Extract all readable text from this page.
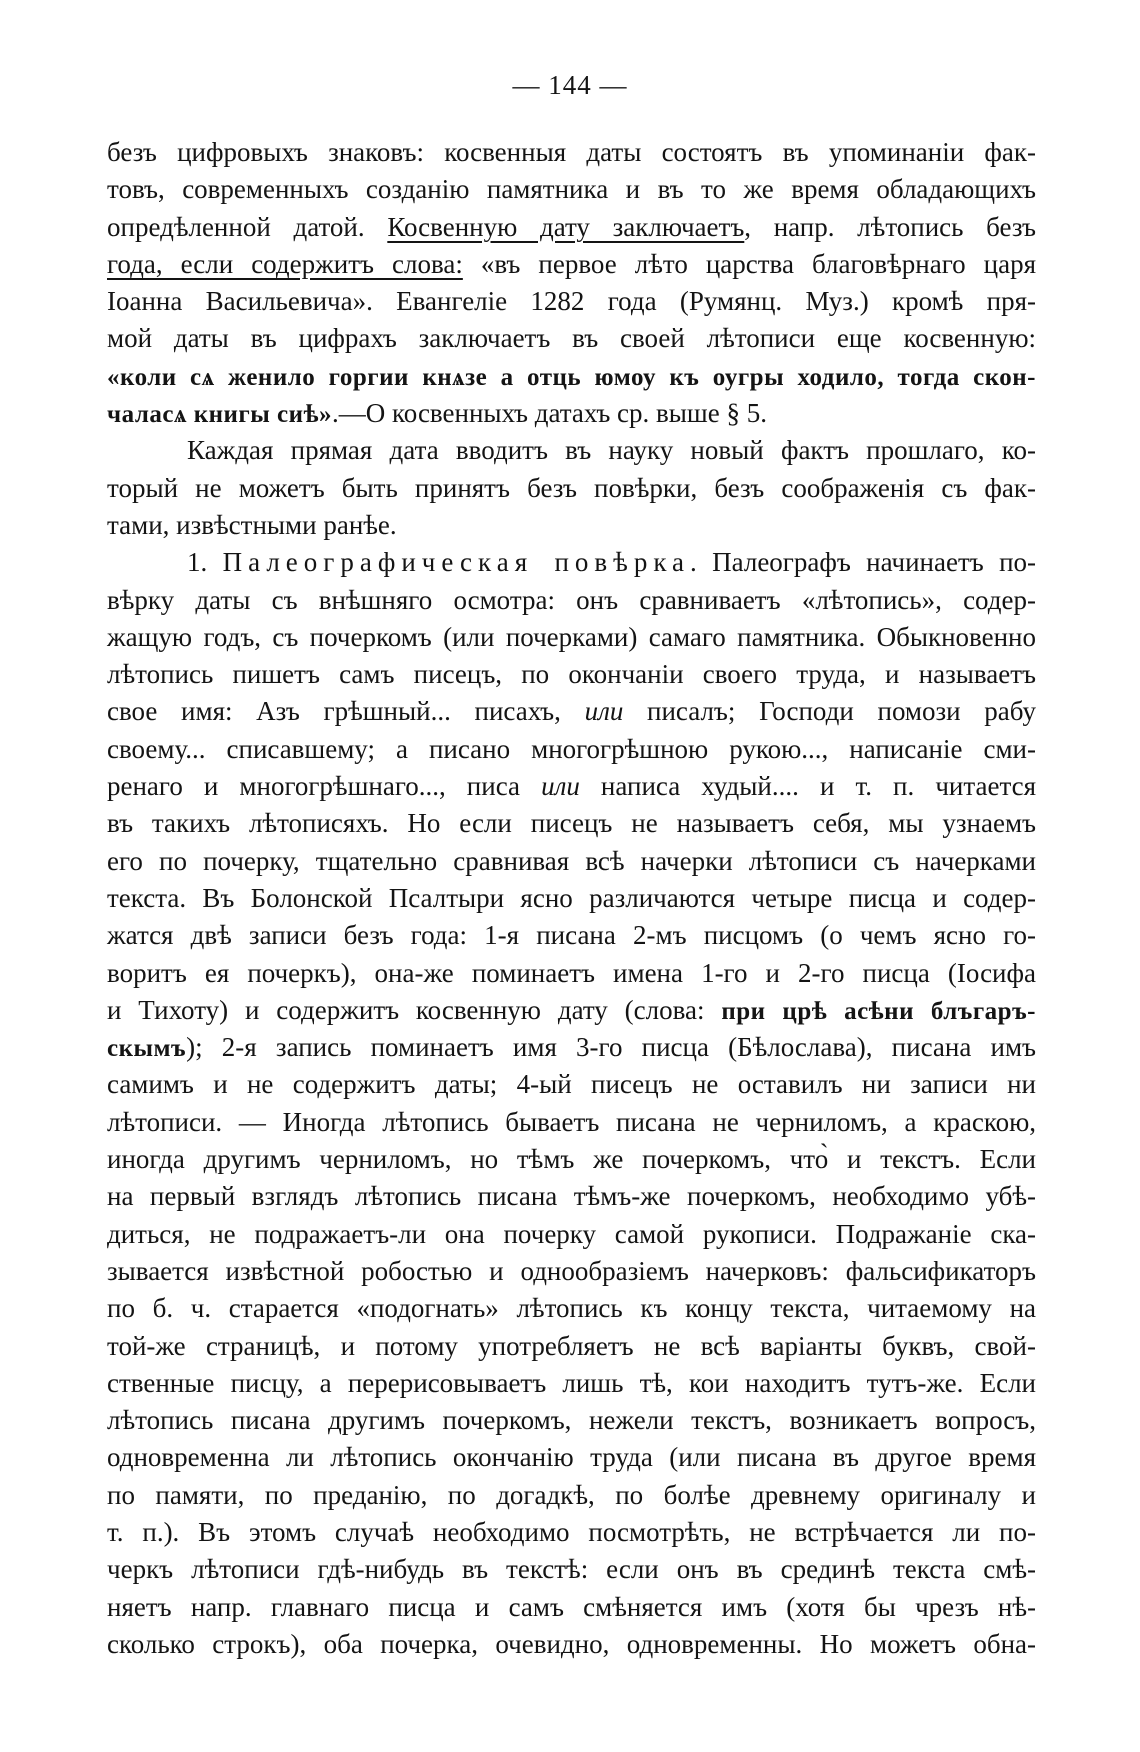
— 144 —
безъ цифровыхъ знаковъ: косвенныя даты состоятъ въ упоминаніи фак-
товъ, современныхъ созданію памятника и въ то же время обладающихъ
опредѣленной датой. Косвенную дату заключаетъ, напр. лѣтопись безъ
года, если содержитъ слова: «въ первое лѣто царства благовѣрнаго царя
Іоанна Васильевича». Евангеліе 1282 года (Румянц. Муз.) кромѣ пря-
мой даты въ цифрахъ заключаетъ въ своей лѣтописи еще косвенную:
«коли сѧ женило горгии кнѧзе а отць юмоу къ оугры ходило, тогда скон-
чаласѧ книгы сиѣ».—О косвенныхъ датахъ ср. выше § 5.
Каждая прямая дата вводитъ въ науку новый фактъ прошлаго, ко-
торый не можетъ быть принятъ безъ повѣрки, безъ соображенія съ фак-
тами, извѣстными ранѣе.
1. Палеографическая повѣрка. Палеографъ начинаетъ по-
вѣрку даты съ внѣшняго осмотра: онъ сравниваетъ «лѣтопись», содер-
жащую годъ, съ почеркомъ (или почерками) самаго памятника. Обыкновенно
лѣтопись пишетъ самъ писецъ, по окончаніи своего труда, и называетъ
свое имя: Азъ грѣшный... писахъ, или писалъ; Господи помози рабу
своему... списавшему; а писано многогрѣшною рукою..., написаніе сми-
ренаго и многогрѣшнаго..., писа или написа худый.... и т. п. читается
въ такихъ лѣтописяхъ. Но если писецъ не называетъ себя, мы узнаемъ
его по почерку, тщательно сравнивая всѣ начерки лѣтописи съ начерками
текста. Въ Болонской Псалтыри ясно различаются четыре писца и содер-
жатся двѣ записи безъ года: 1-я писана 2-мъ писцомъ (о чемъ ясно го-
воритъ ея почеркъ), она-же поминаетъ имена 1-го и 2-го писца (Іосифа
и Тихоту) и содержитъ косвенную дату (слова: при црѣ асѣни блъгаръ-
скымъ); 2-я запись поминаетъ имя 3-го писца (Бѣлослава), писана имъ
самимъ и не содержитъ даты; 4-ый писецъ не оставилъ ни записи ни
лѣтописи. — Иногда лѣтопись бываетъ писана не черниломъ, а краскою,
иногда другимъ черниломъ, но тѣмъ же почеркомъ, что̀ и текстъ. Если
на первый взглядъ лѣтопись писана тѣмъ-же почеркомъ, необходимо убѣ-
диться, не подражаетъ-ли она почерку самой рукописи. Подражаніе ска-
зывается извѣстной робостью и однообразіемъ начерковъ: фальсификаторъ
по б. ч. старается «подогнать» лѣтопись къ концу текста, читаемому на
той-же страницѣ, и потому употребляетъ не всѣ варіанты буквъ, свой-
ственные писцу, а перерисовываетъ лишь тѣ, кои находитъ тутъ-же. Если
лѣтопись писана другимъ почеркомъ, нежели текстъ, возникаетъ вопросъ,
одновременна ли лѣтопись окончанію труда (или писана въ другое время
по памяти, по преданію, по догадкѣ, по болѣе древнему оригиналу и
т. п.). Въ этомъ случаѣ необходимо посмотрѣть, не встрѣчается ли по-
черкъ лѣтописи гдѣ-нибудь въ текстѣ: если онъ въ срединѣ текста смѣ-
няетъ напр. главнаго писца и самъ смѣняется имъ (хотя бы чрезъ нѣ-
сколько строкъ), оба почерка, очевидно, одновременны. Но можетъ обна-
